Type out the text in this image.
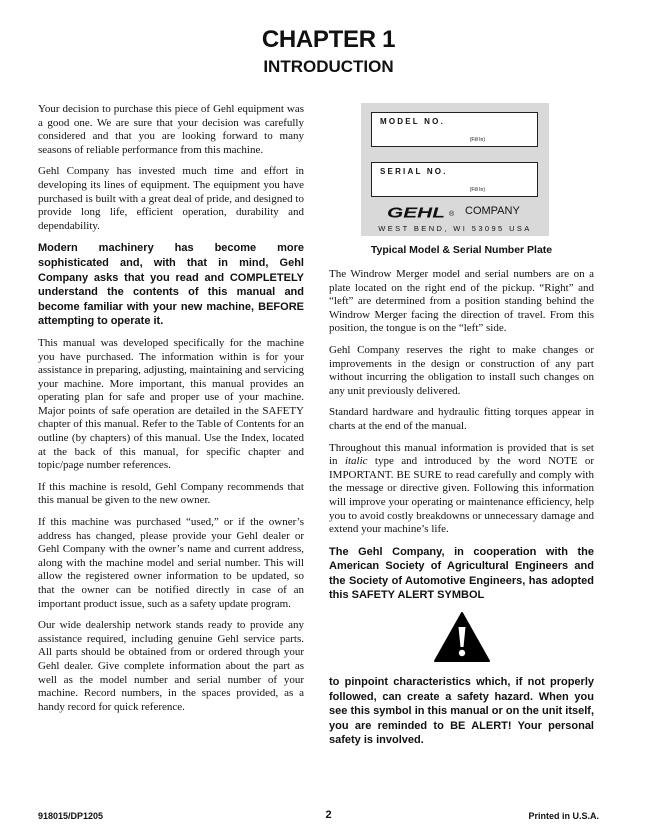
CHAPTER 1
INTRODUCTION

Your decision to purchase this piece of Gehl equipment was a good one. We are sure that your decision was carefully considered and that you are looking forward to many seasons of reliable performance from this machine.

Gehl Company has invested much time and effort in developing its lines of equipment. The equipment you have purchased is built with a great deal of pride, and designed to provide long life, efficient operation, durability and dependability.

Modern machinery has become more sophisticated and, with that in mind, Gehl Company asks that you read and COMPLETELY understand the contents of this manual and become familiar with your new machine, BEFORE attempting to operate it.

This manual was developed specifically for the machine you have purchased. The information within is for your assistance in preparing, adjusting, maintaining and servicing your machine. More important, this manual provides an operating plan for safe and proper use of your machine. Major points of safe operation are detailed in the SAFETY chapter of this manual. Refer to the Table of Contents for an outline (by chapters) of this manual. Use the Index, located at the back of this manual, for specific chapter and topic/page number references.

If this machine is resold, Gehl Company recommends that this manual be given to the new owner.

If this machine was purchased “used,” or if the owner’s address has changed, please provide your Gehl dealer or Gehl Company with the owner’s name and current address, along with the machine model and serial number. This will allow the registered owner information to be updated, so that the owner can be notified directly in case of an important product issue, such as a safety update program.

Our wide dealership network stands ready to provide any assistance required, including genuine Gehl service parts. All parts should be obtained from or ordered through your Gehl dealer. Give complete information about the part as well as the model number and serial number of your machine. Record numbers, in the spaces provided, as a handy record for quick reference.

MODEL NO.
(Fill In)
SERIAL NO.
(Fill In)
GEHL ® COMPANY
WEST BEND, WI 53095 USA
Typical Model & Serial Number Plate

The Windrow Merger model and serial numbers are on a plate located on the right end of the pickup. “Right” and “left” are determined from a position standing behind the Windrow Merger facing the direction of travel. From this position, the tongue is on the “left” side.

Gehl Company reserves the right to make changes or improvements in the design or construction of any part without incurring the obligation to install such changes on any unit previously delivered.

Standard hardware and hydraulic fitting torques appear in charts at the end of the manual.

Throughout this manual information is provided that is set in italic type and introduced by the word NOTE or IMPORTANT. BE SURE to read carefully and comply with the message or directive given. Following this information will improve your operating or maintenance efficiency, help you to avoid costly breakdowns or unnecessary damage and extend your machine’s life.

The Gehl Company, in cooperation with the American Society of Agricultural Engineers and the Society of Automotive Engineers, has adopted this SAFETY ALERT SYMBOL

to pinpoint characteristics which, if not properly followed, can create a safety hazard. When you see this symbol in this manual or on the unit itself, you are reminded to BE ALERT! Your personal safety is involved.

918015/DP1205	2	Printed in U.S.A.
